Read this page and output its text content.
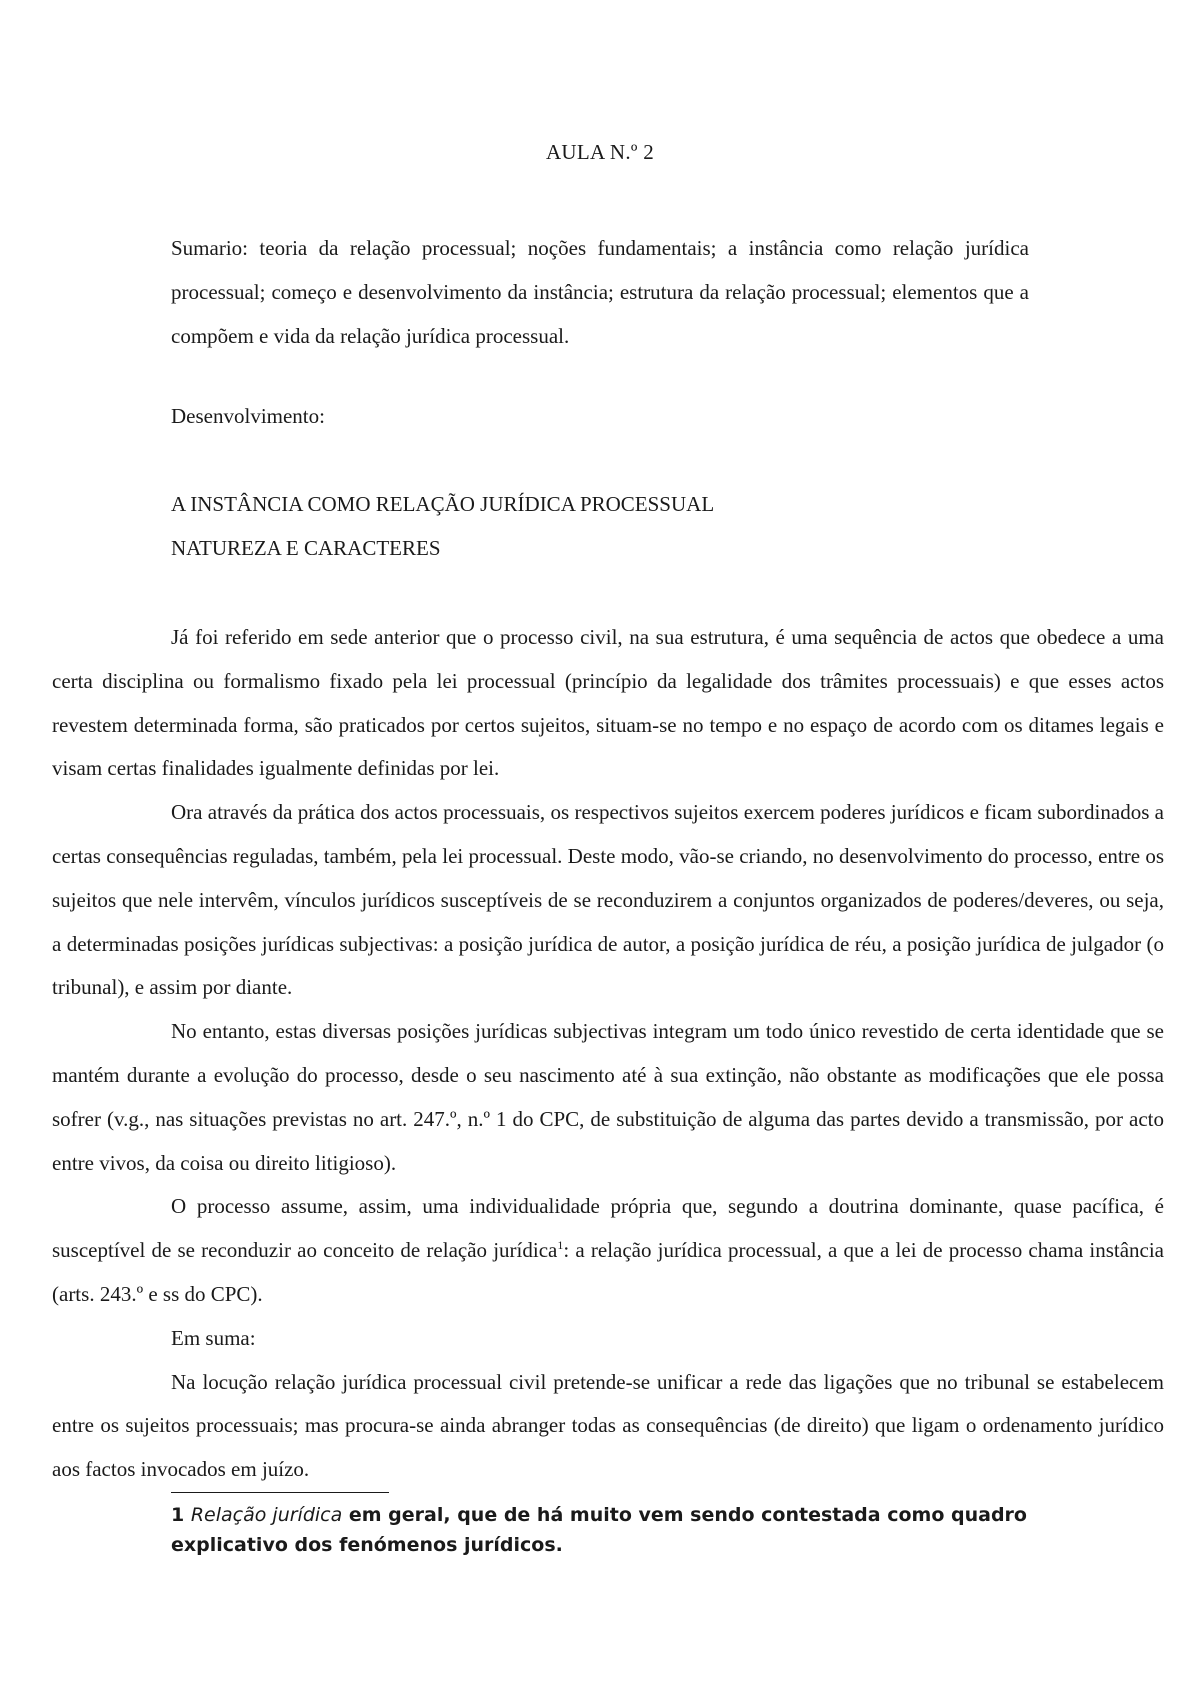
AULA N.º 2
Sumario: teoria da relação processual; noções fundamentais; a instância como relação jurídica processual; começo e desenvolvimento da instância; estrutura da relação processual; elementos que a compõem e vida da relação jurídica processual.
Desenvolvimento:
A INSTÂNCIA COMO RELAÇÃO JURÍDICA PROCESSUAL
NATUREZA E CARACTERES

Já foi referido em sede anterior que o processo civil, na sua estrutura, é uma sequência de actos que obedece a uma certa disciplina ou formalismo fixado pela lei processual (princípio da legalidade dos trâmites processuais) e que esses actos revestem determinada forma, são praticados por certos sujeitos, situam-se no tempo e no espaço de acordo com os ditames legais e visam certas finalidades igualmente definidas por lei.

Ora através da prática dos actos processuais, os respectivos sujeitos exercem poderes jurídicos e ficam subordinados a certas consequências reguladas, também, pela lei processual. Deste modo, vão-se criando, no desenvolvimento do processo, entre os sujeitos que nele intervêm, vínculos jurídicos susceptíveis de se reconduzirem a conjuntos organizados de poderes/deveres, ou seja, a determinadas posições jurídicas subjectivas: a posição jurídica de autor, a posição jurídica de réu, a posição jurídica de julgador (o tribunal), e assim por diante.

No entanto, estas diversas posições jurídicas subjectivas integram um todo único revestido de certa identidade que se mantém durante a evolução do processo, desde o seu nascimento até à sua extinção, não obstante as modificações que ele possa sofrer (v.g., nas situações previstas no art. 247.º, n.º 1 do CPC, de substituição de alguma das partes devido a transmissão, por acto entre vivos, da coisa ou direito litigioso).

O processo assume, assim, uma individualidade própria que, segundo a doutrina dominante, quase pacífica, é susceptível de se reconduzir ao conceito de relação jurídica$^1$: a relação jurídica processual, a que a lei de processo chama instância (arts. 243.º e ss do CPC).

Em suma:

Na locução relação jurídica processual civil pretende-se unificar a rede das ligações que no tribunal se estabelecem entre os sujeitos processuais; mas procura-se ainda abranger todas as consequências (de direito) que ligam o ordenamento jurídico aos factos invocados em juízo.

1 Relação jurídica em geral, que de há muito vem sendo contestada como quadro explicativo dos fenómenos jurídicos.
